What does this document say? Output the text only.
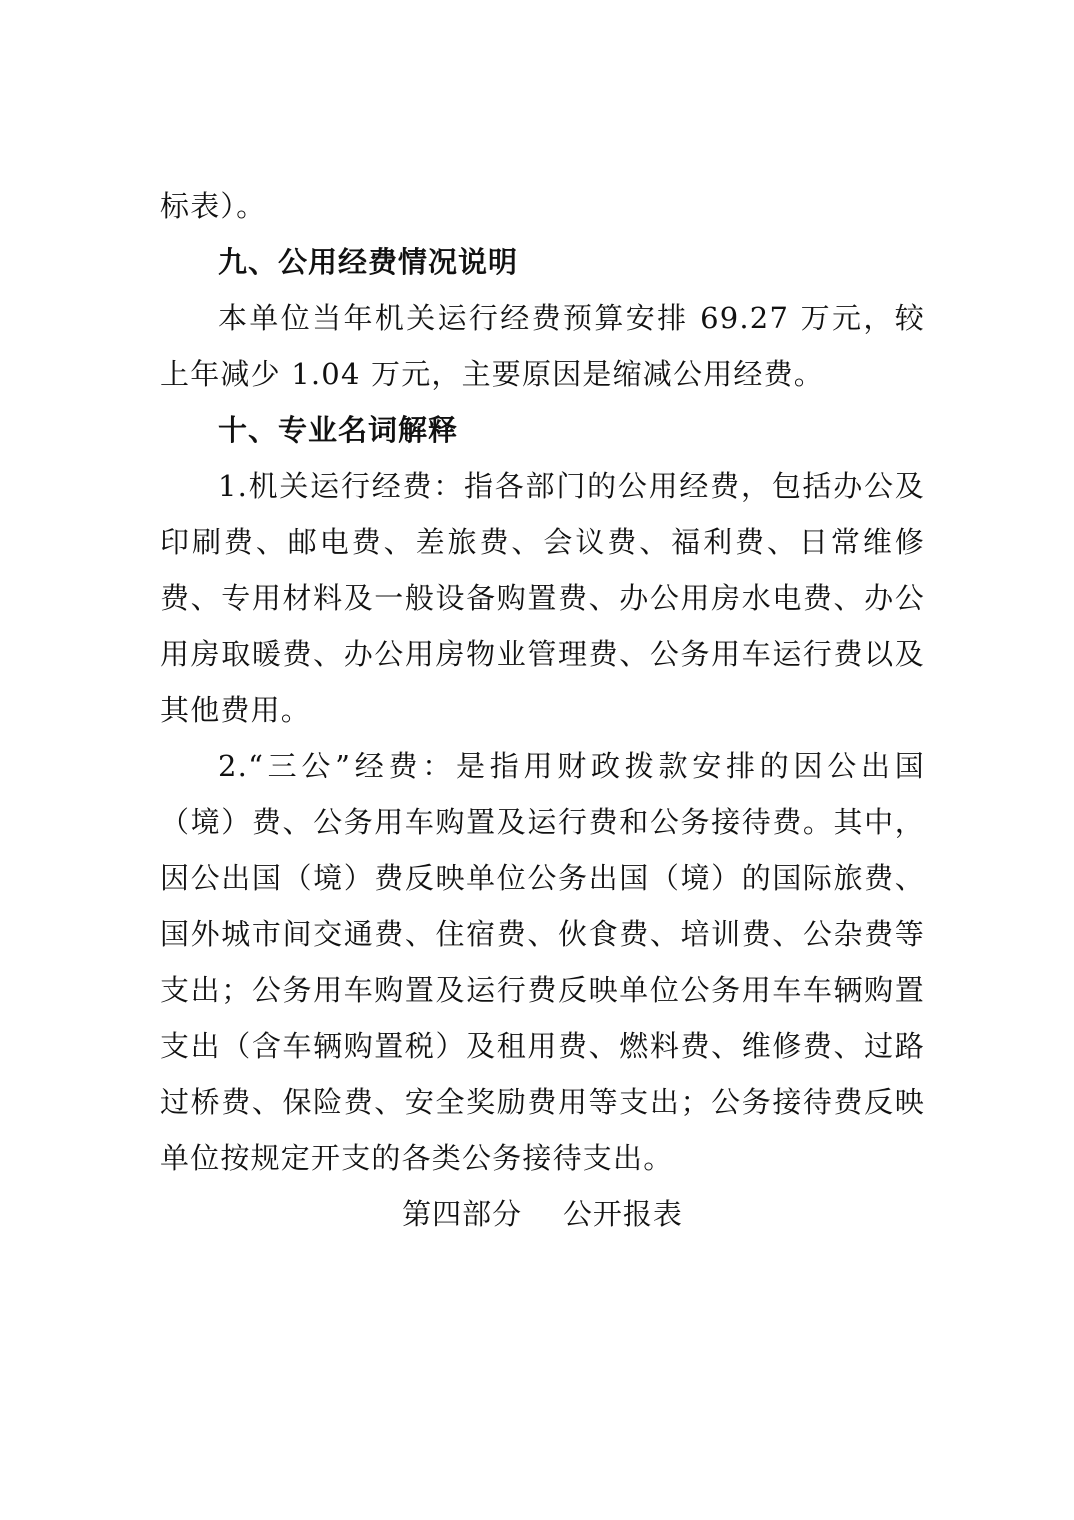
标表）。

九、公用经费情况说明

本单位当年机关运行经费预算安排 69.27 万元，较上年减少 1.04 万元，主要原因是缩减公用经费。

十、专业名词解释

1.机关运行经费：指各部门的公用经费，包括办公及印刷费、邮电费、差旅费、会议费、福利费、日常维修费、专用材料及一般设备购置费、办公用房水电费、办公用房取暖费、办公用房物业管理费、公务用车运行费以及其他费用。

2.“三公”经费：是指用财政拨款安排的因公出国（境）费、公务用车购置及运行费和公务接待费。其中，因公出国（境）费反映单位公务出国（境）的国际旅费、国外城市间交通费、住宿费、伙食费、培训费、公杂费等支出；公务用车购置及运行费反映单位公务用车车辆购置支出（含车辆购置税）及租用费、燃料费、维修费、过路过桥费、保险费、安全奖励费用等支出；公务接待费反映单位按规定开支的各类公务接待支出。

第四部分    公开报表
